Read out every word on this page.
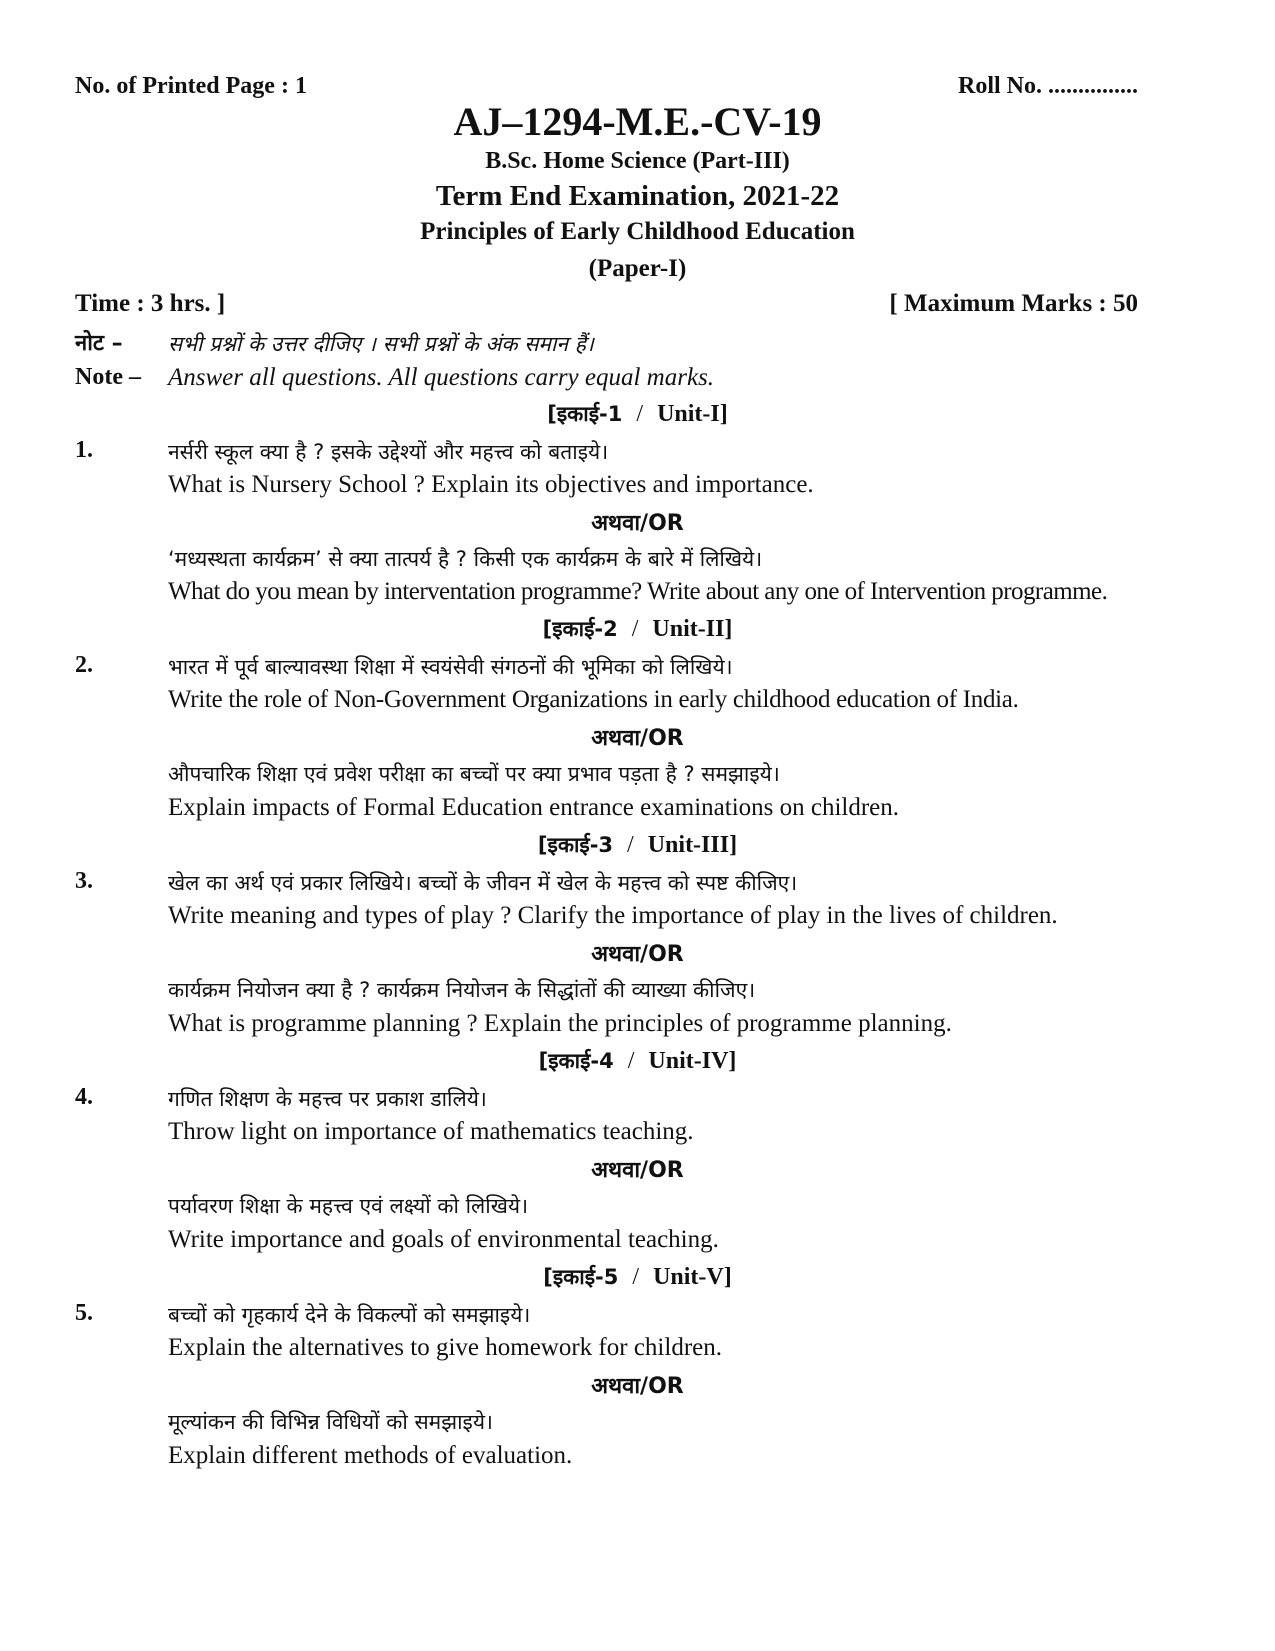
No. of Printed Page : 1	Roll No. ...............
AJ–1294-M.E.-CV-19
B.Sc. Home Science (Part-III)
Term End Examination, 2021-22
Principles of Early Childhood Education
(Paper-I)
Time : 3 hrs. ]	[ Maximum Marks : 50
नोट – सभी प्रश्नों के उत्तर दीजिए । सभी प्रश्नों के अंक समान हैं।
Note – Answer all questions. All questions carry equal marks.
[इकाई-1 / Unit-I]
1.	नर्सरी स्कूल क्या है ? इसके उद्देश्यों और महत्त्व को बताइये।
What is Nursery School ? Explain its objectives and importance.
अथवा/OR
‘मध्यस्थता कार्यक्रम’ से क्या तात्पर्य है ? किसी एक कार्यक्रम के बारे में लिखिये।
What do you mean by interventation programme? Write about any one of Intervention programme.
[इकाई-2 / Unit-II]
2.	भारत में पूर्व बाल्यावस्था शिक्षा में स्वयंसेवी संगठनों की भूमिका को लिखिये।
Write the role of Non-Government Organizations in early childhood education of India.
अथवा/OR
औपचारिक शिक्षा एवं प्रवेश परीक्षा का बच्चों पर क्या प्रभाव पड़ता है ? समझाइये।
Explain impacts of Formal Education entrance examinations on children.
[इकाई-3 / Unit-III]
3.	खेल का अर्थ एवं प्रकार लिखिये। बच्चों के जीवन में खेल के महत्त्व को स्पष्ट कीजिए।
Write meaning and types of play ? Clarify the importance of play in the lives of children.
अथवा/OR
कार्यक्रम नियोजन क्या है ? कार्यक्रम नियोजन के सिद्धांतों की व्याख्या कीजिए।
What is programme planning ? Explain the principles of programme planning.
[इकाई-4 / Unit-IV]
4.	गणित शिक्षण के महत्त्व पर प्रकाश डालिये।
Throw light on importance of mathematics teaching.
अथवा/OR
पर्यावरण शिक्षा के महत्त्व एवं लक्ष्यों को लिखिये।
Write importance and goals of environmental teaching.
[इकाई-5 / Unit-V]
5.	बच्चों को गृहकार्य देने के विकल्पों को समझाइये।
Explain the alternatives to give homework for children.
अथवा/OR
मूल्यांकन की विभिन्न विधियों को समझाइये।
Explain different methods of evaluation.
